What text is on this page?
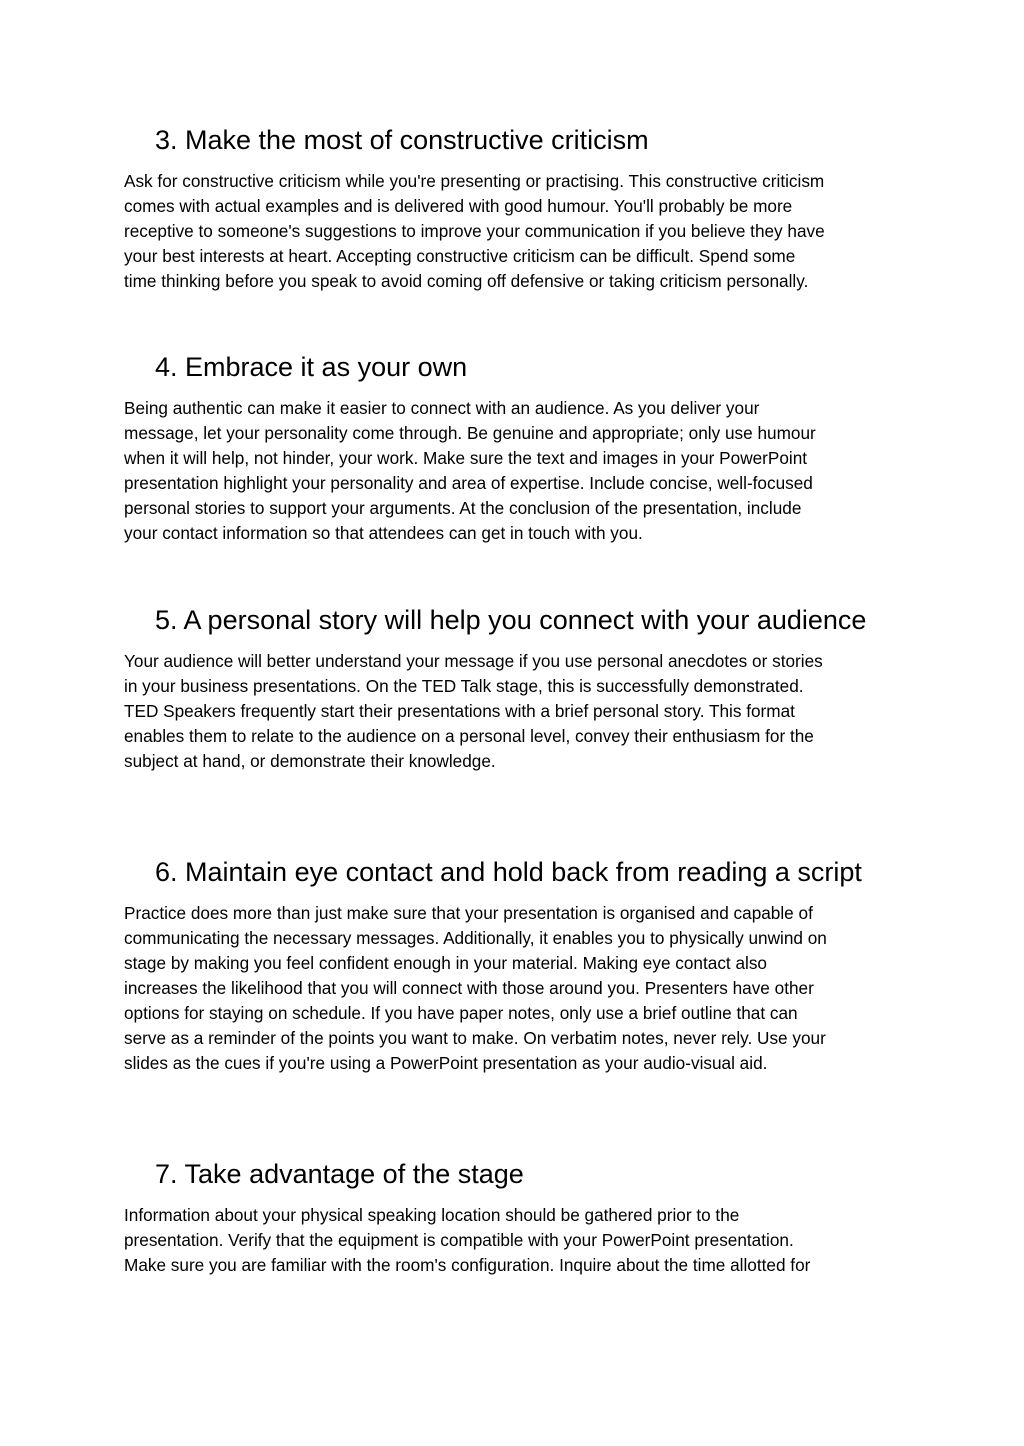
3. Make the most of constructive criticism
Ask for constructive criticism while you're presenting or practising. This constructive criticism
comes with actual examples and is delivered with good humour. You'll probably be more
receptive to someone's suggestions to improve your communication if you believe they have
your best interests at heart. Accepting constructive criticism can be difficult. Spend some
time thinking before you speak to avoid coming off defensive or taking criticism personally.
4. Embrace it as your own
Being authentic can make it easier to connect with an audience. As you deliver your
message, let your personality come through. Be genuine and appropriate; only use humour
when it will help, not hinder, your work. Make sure the text and images in your PowerPoint
presentation highlight your personality and area of expertise. Include concise, well-focused
personal stories to support your arguments. At the conclusion of the presentation, include
your contact information so that attendees can get in touch with you.
5. A personal story will help you connect with your audience
Your audience will better understand your message if you use personal anecdotes or stories
in your business presentations. On the TED Talk stage, this is successfully demonstrated.
TED Speakers frequently start their presentations with a brief personal story. This format
enables them to relate to the audience on a personal level, convey their enthusiasm for the
subject at hand, or demonstrate their knowledge.
6. Maintain eye contact and hold back from reading a script
Practice does more than just make sure that your presentation is organised and capable of
communicating the necessary messages. Additionally, it enables you to physically unwind on
stage by making you feel confident enough in your material. Making eye contact also
increases the likelihood that you will connect with those around you. Presenters have other
options for staying on schedule. If you have paper notes, only use a brief outline that can
serve as a reminder of the points you want to make. On verbatim notes, never rely. Use your
slides as the cues if you're using a PowerPoint presentation as your audio-visual aid.
7. Take advantage of the stage
Information about your physical speaking location should be gathered prior to the
presentation. Verify that the equipment is compatible with your PowerPoint presentation.
Make sure you are familiar with the room's configuration. Inquire about the time allotted for
